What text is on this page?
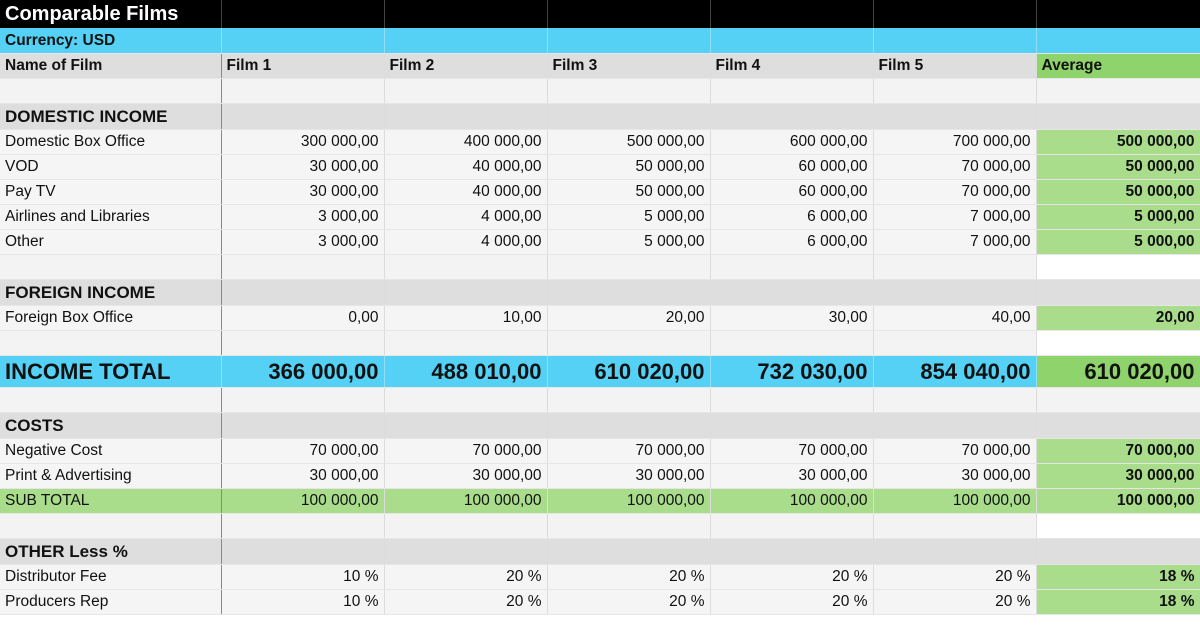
Comparable Films						
Currency: USD						
Name of Film	Film 1	Film 2	Film 3	Film 4	Film 5	Average

DOMESTIC INCOME						
Domestic Box Office	300 000,00	400 000,00	500 000,00	600 000,00	700 000,00	500 000,00
VOD	30 000,00	40 000,00	50 000,00	60 000,00	70 000,00	50 000,00
Pay TV	30 000,00	40 000,00	50 000,00	60 000,00	70 000,00	50 000,00
Airlines and Libraries	3 000,00	4 000,00	5 000,00	6 000,00	7 000,00	5 000,00
Other	3 000,00	4 000,00	5 000,00	6 000,00	7 000,00	5 000,00

FOREIGN INCOME						
Foreign Box Office	0,00	10,00	20,00	30,00	40,00	20,00

INCOME TOTAL	366 000,00	488 010,00	610 020,00	732 030,00	854 040,00	610 020,00

COSTS						
Negative Cost	70 000,00	70 000,00	70 000,00	70 000,00	70 000,00	70 000,00
Print & Advertising	30 000,00	30 000,00	30 000,00	30 000,00	30 000,00	30 000,00
SUB TOTAL	100 000,00	100 000,00	100 000,00	100 000,00	100 000,00	100 000,00

OTHER Less %						
Distributor Fee	10 %	20 %	20 %	20 %	20 %	18 %
Producers Rep	10 %	20 %	20 %	20 %	20 %	18 %
